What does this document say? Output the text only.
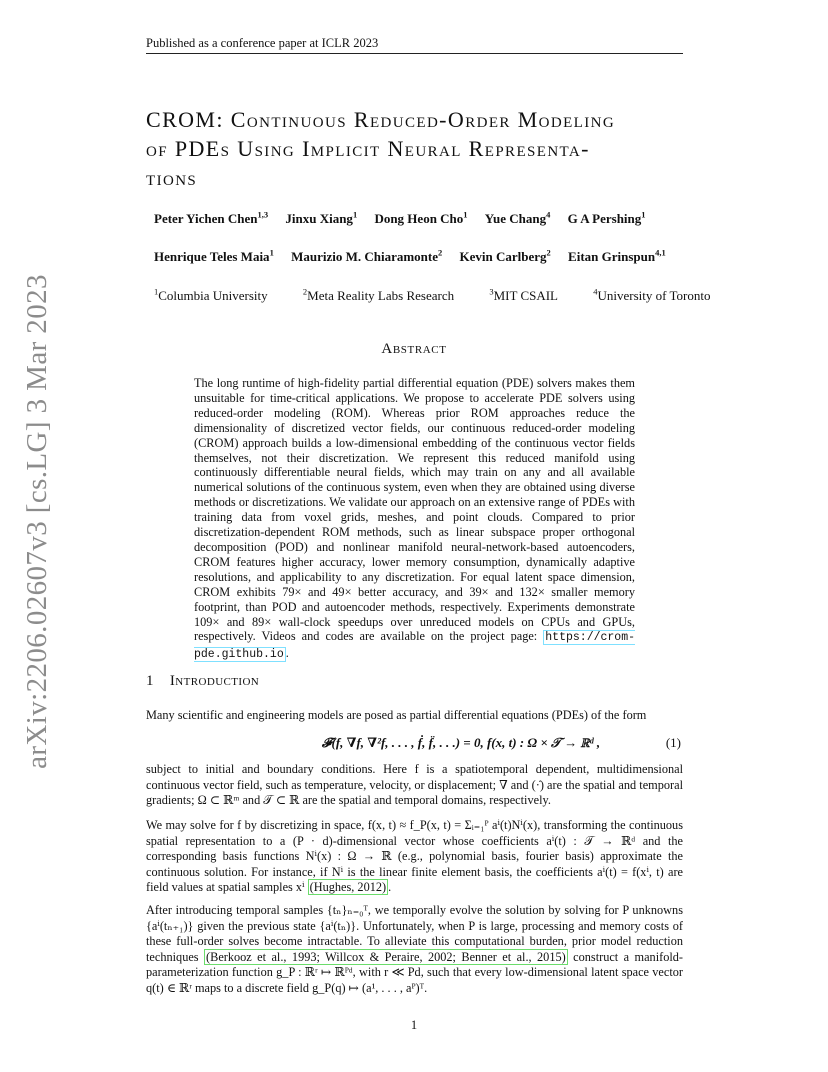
Published as a conference paper at ICLR 2023
arXiv:2206.02607v3 [cs.LG] 3 Mar 2023
CROM: Continuous Reduced-Order Modeling
of PDEs Using Implicit Neural Representa-
tions
Peter Yichen Chen$^{1,3}$ Jinxu Xiang$^1$ Dong Heon Cho$^1$ Yue Chang$^4$ G A Pershing$^1$
Henrique Teles Maia$^1$ Maurizio M. Chiaramonte$^2$ Kevin Carlberg$^2$ Eitan Grinspun$^{4,1}$
$^1$Columbia University	$^2$Meta Reality Labs Research	$^3$MIT CSAIL	$^4$University of Toronto
Abstract
The long runtime of high-fidelity partial differential equation (PDE) solvers makes them unsuitable for time-critical applications. We propose to accelerate PDE solvers using reduced-order modeling (ROM). Whereas prior ROM approaches reduce the dimensionality of discretized vector fields, our continuous reduced-order modeling (CROM) approach builds a low-dimensional embedding of the continuous vector fields themselves, not their discretization. We represent this reduced manifold using continuously differentiable neural fields, which may train on any and all available numerical solutions of the continuous system, even when they are obtained using diverse methods or discretizations. We validate our approach on an extensive range of PDEs with training data from voxel grids, meshes, and point clouds. Compared to prior discretization-dependent ROM methods, such as linear subspace proper orthogonal decomposition (POD) and nonlinear manifold neural-network-based autoencoders, CROM features higher accuracy, lower memory consumption, dynamically adaptive resolutions, and applicability to any discretization. For equal latent space dimension, CROM exhibits 79× and 49× better accuracy, and 39× and 132× smaller memory footprint, than POD and autoencoder methods, respectively. Experiments demonstrate 109× and 89× wall-clock speedups over unreduced models on CPUs and GPUs, respectively. Videos and codes are available on the project page: https://crom-pde.github.io .
1 Introduction
Many scientific and engineering models are posed as partial differential equations (PDEs) of the form
𝓕(f, ∇f, ∇²f, . . . , ḟ, f̈, . . .) = 0, f(x, t) : Ω × 𝒯 → ℝᵈ ,	(1)
subject to initial and boundary conditions. Here f is a spatiotemporal dependent, multidimensional continuous vector field, such as temperature, velocity, or displacement; ∇ and (·̇) are the spatial and temporal gradients; Ω ⊂ ℝᵐ and 𝒯 ⊂ ℝ are the spatial and temporal domains, respectively.
We may solve for f by discretizing in space, f(x, t) ≈ f_P(x, t) = Σᵢ₌₁ᴾ aⁱ(t)Nⁱ(x), transforming the continuous spatial representation to a (P · d)-dimensional vector whose coefficients aⁱ(t) : 𝒯 → ℝᵈ and the corresponding basis functions Nⁱ(x) : Ω → ℝ (e.g., polynomial basis, fourier basis) approximate the continuous solution. For instance, if Nⁱ is the linear finite element basis, the coefficients aⁱ(t) = f(xⁱ, t) are field values at spatial samples xⁱ (Hughes, 2012) .
After introducing temporal samples {tₙ}ₙ₌₀ᵀ, we temporally evolve the solution by solving for P unknowns {aⁱ(tₙ₊₁)} given the previous state {aⁱ(tₙ)}. Unfortunately, when P is large, processing and memory costs of these full-order solves become intractable. To alleviate this computational burden, prior model reduction techniques (Berkooz et al., 1993; Willcox & Peraire, 2002; Benner et al., 2015) construct a manifold-parameterization function g_P : ℝʳ ↦ ℝᴾᵈ, with r ≪ Pd, such that every low-dimensional latent space vector q(t) ∈ ℝʳ maps to a discrete field g_P(q) ↦ (a¹, . . . , aᴾ)ᵀ.
1
